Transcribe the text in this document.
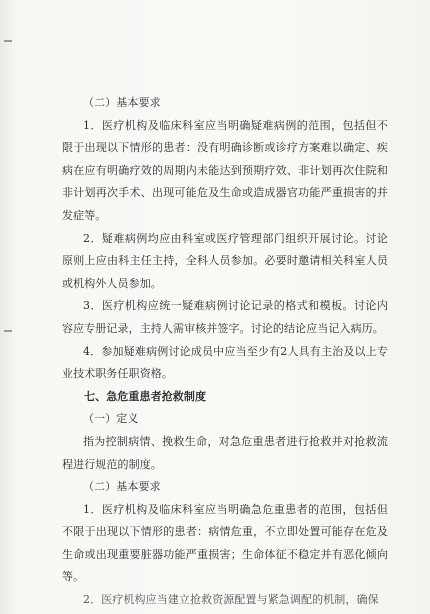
（二）基本要求

1．医疗机构及临床科室应当明确疑难病例的范围，包括但不限于出现以下情形的患者：没有明确诊断或诊疗方案难以确定、疾病在应有明确疗效的周期内未能达到预期疗效、非计划再次住院和非计划再次手术、出现可能危及生命或造成器官功能严重损害的并发症等。

2．疑难病例均应由科室或医疗管理部门组织开展讨论。讨论原则上应由科主任主持，全科人员参加。必要时邀请相关科室人员或机构外人员参加。

3．医疗机构应统一疑难病例讨论记录的格式和模板。讨论内容应专册记录，主持人需审核并签字。讨论的结论应当记入病历。

4．参加疑难病例讨论成员中应当至少有2人具有主治及以上专业技术职务任职资格。

七、急危重患者抢救制度

（一）定义

指为控制病情、挽救生命，对急危重患者进行抢救并对抢救流程进行规范的制度。

（二）基本要求

1．医疗机构及临床科室应当明确急危重患者的范围，包括但不限于出现以下情形的患者：病情危重，不立即处置可能存在危及生命或出现重要脏器功能严重损害；生命体征不稳定并有恶化倾向等。

2．医疗机构应当建立抢救资源配置与紧急调配的机制，确保
